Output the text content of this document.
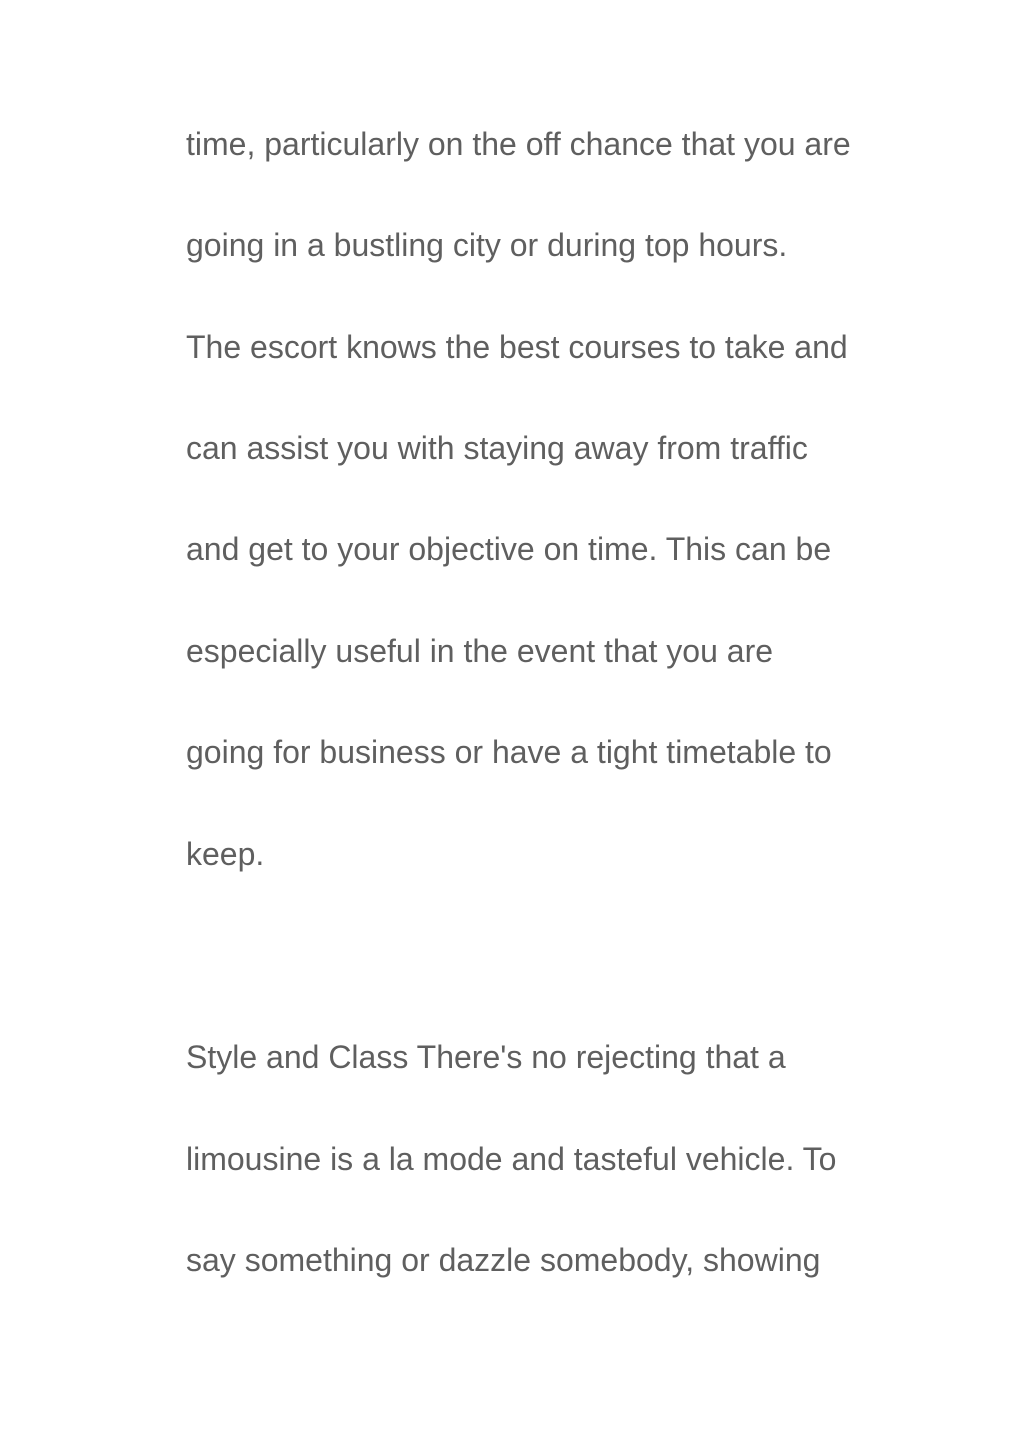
time, particularly on the off chance that you are

going in a bustling city or during top hours.

The escort knows the best courses to take and

can assist you with staying away from traffic

and get to your objective on time. This can be

especially useful in the event that you are

going for business or have a tight timetable to

keep.

Style and Class There's no rejecting that a

limousine is a la mode and tasteful vehicle. To

say something or dazzle somebody, showing
